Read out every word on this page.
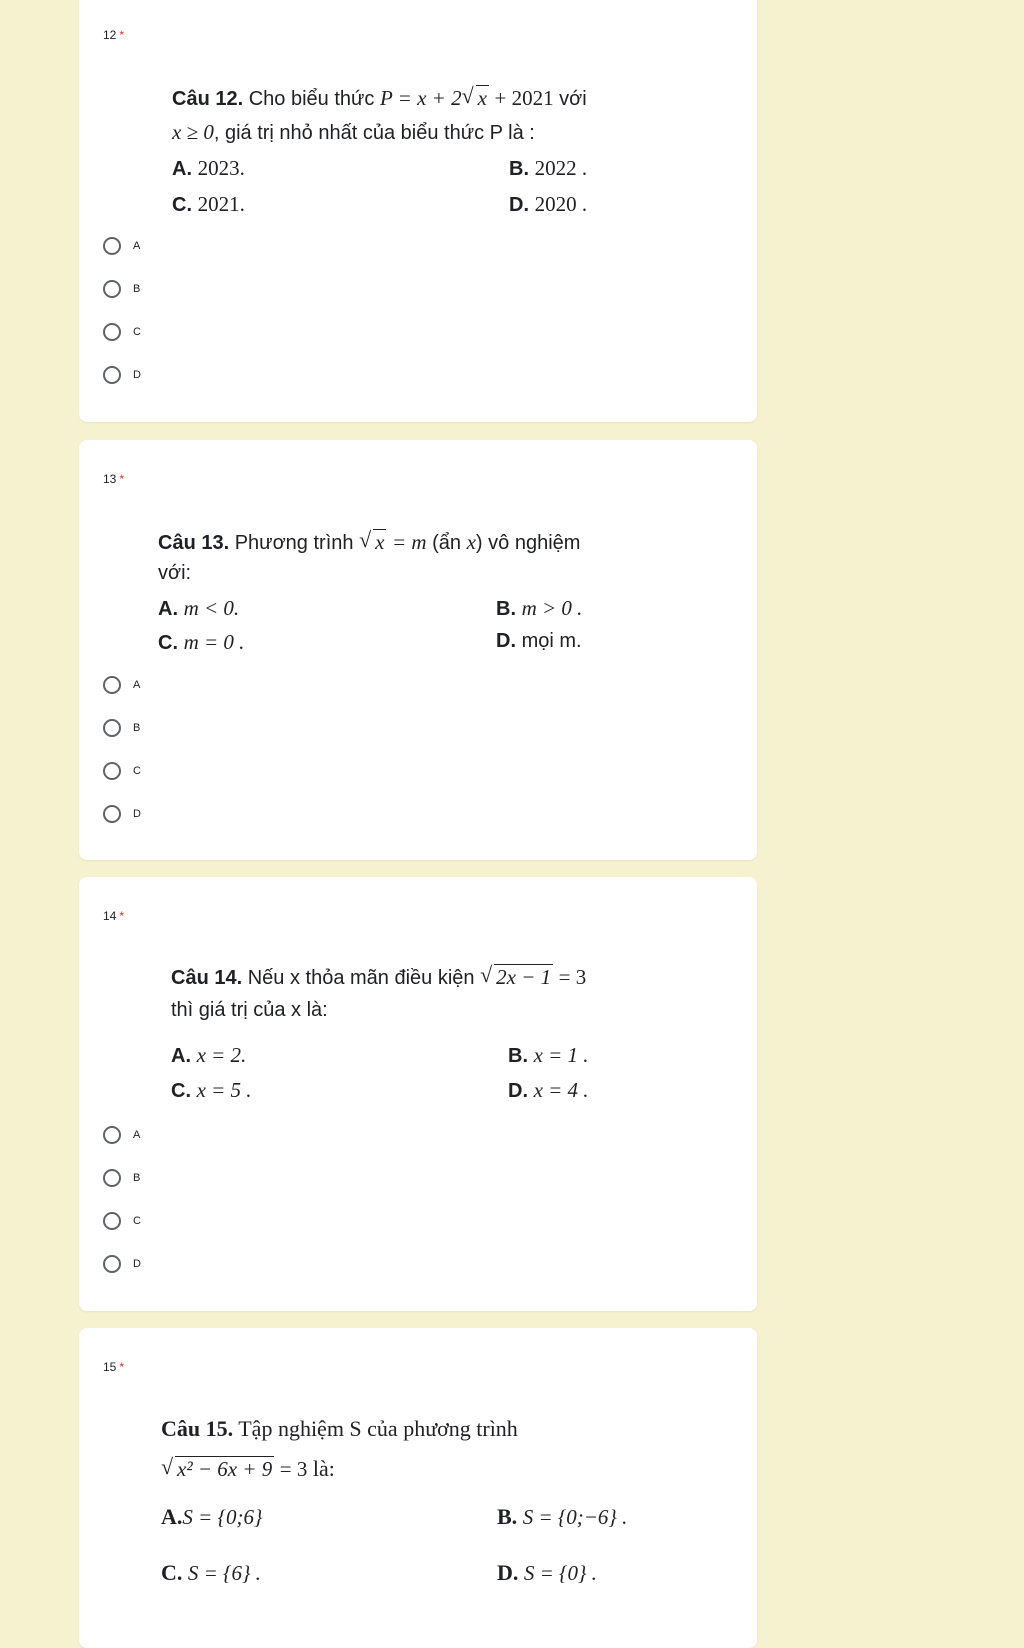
12 *
Câu 12. Cho biểu thức P = x + 2 √ x + 2021 với
x ≥ 0, giá trị nhỏ nhất của biểu thức P là :
A. 2023.	B. 2022 .
C. 2021.	D. 2020 .
A
B
C
D
13 *
Câu 13. Phương trình √ x = m (ẩn x) vô nghiệm
với:
A. m < 0.	B. m > 0 .
C. m = 0 .	D. mọi m.
A
B
C
D
14 *
Câu 14. Nếu x thỏa mãn điều kiện √ 2x − 1 = 3
thì giá trị của x là:
A. x = 2.	B. x = 1 .
C. x = 5 .	D. x = 4 .
A
B
C
D
15 *
Câu 15. Tập nghiệm S của phương trình
√ x² − 6x + 9 = 3 là:
A.S = {0;6}	B. S = {0;−6} .
C. S = {6} .	D. S = {0} .
